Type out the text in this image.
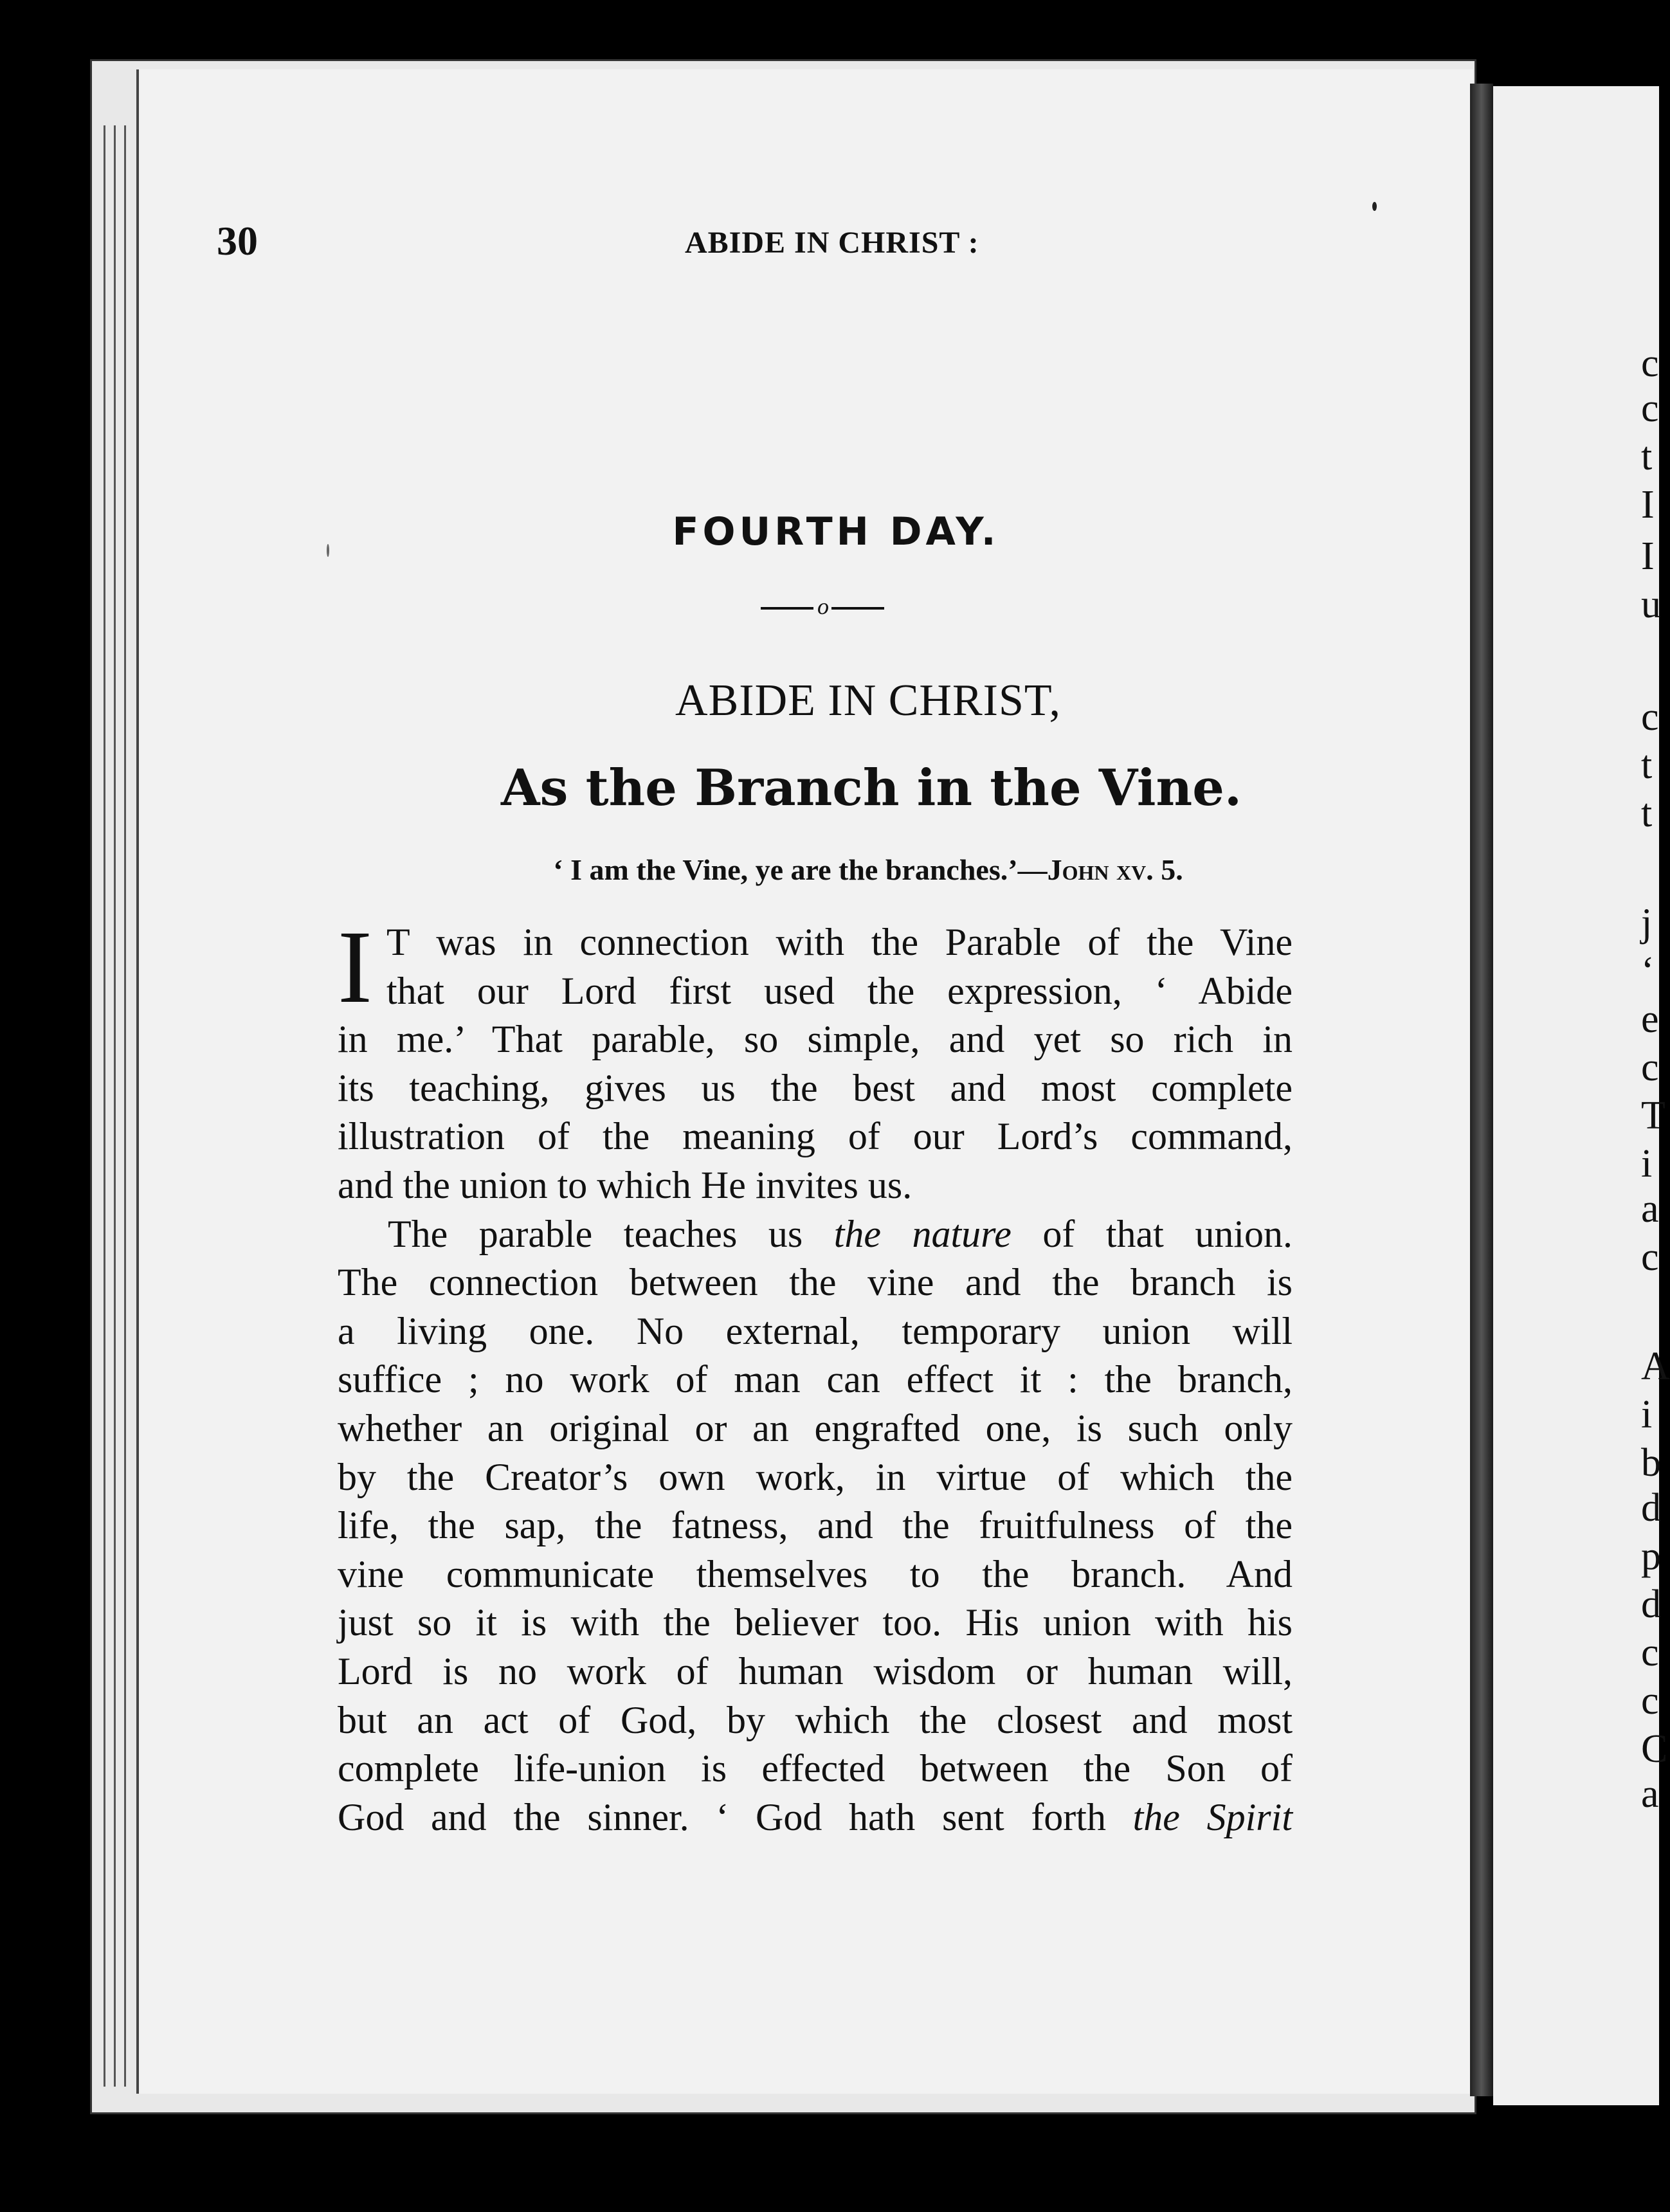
c
c
t
I
I
u
c
t
t
j
‘
e
c
T
i
a
c
A
i
b
d
p
d
c
c
C
a
30	ABIDE IN CHRIST :
FOURTH DAY.
o
ABIDE IN CHRIST,
As the Branch in the Vine.
‘ I am the Vine, ye are the branches.’—John xv. 5.

I T was in connection with the Parable of the Vine
that our Lord first used the expression, ‘ Abide
in me.’ That parable, so simple, and yet so rich in
its teaching, gives us the best and most complete
illustration of the meaning of our Lord’s command,
and the union to which He invites us.

The parable teaches us the nature of that union.
The connection between the vine and the branch is
a living one. No external, temporary union will
suffice ; no work of man can effect it : the branch,
whether an original or an engrafted one, is such only
by the Creator’s own work, in virtue of which the
life, the sap, the fatness, and the fruitfulness of the
vine communicate themselves to the branch. And
just so it is with the believer too. His union with his
Lord is no work of human wisdom or human will,
but an act of God, by which the closest and most
complete life-union is effected between the Son of
God and the sinner. ‘ God hath sent forth the Spirit
